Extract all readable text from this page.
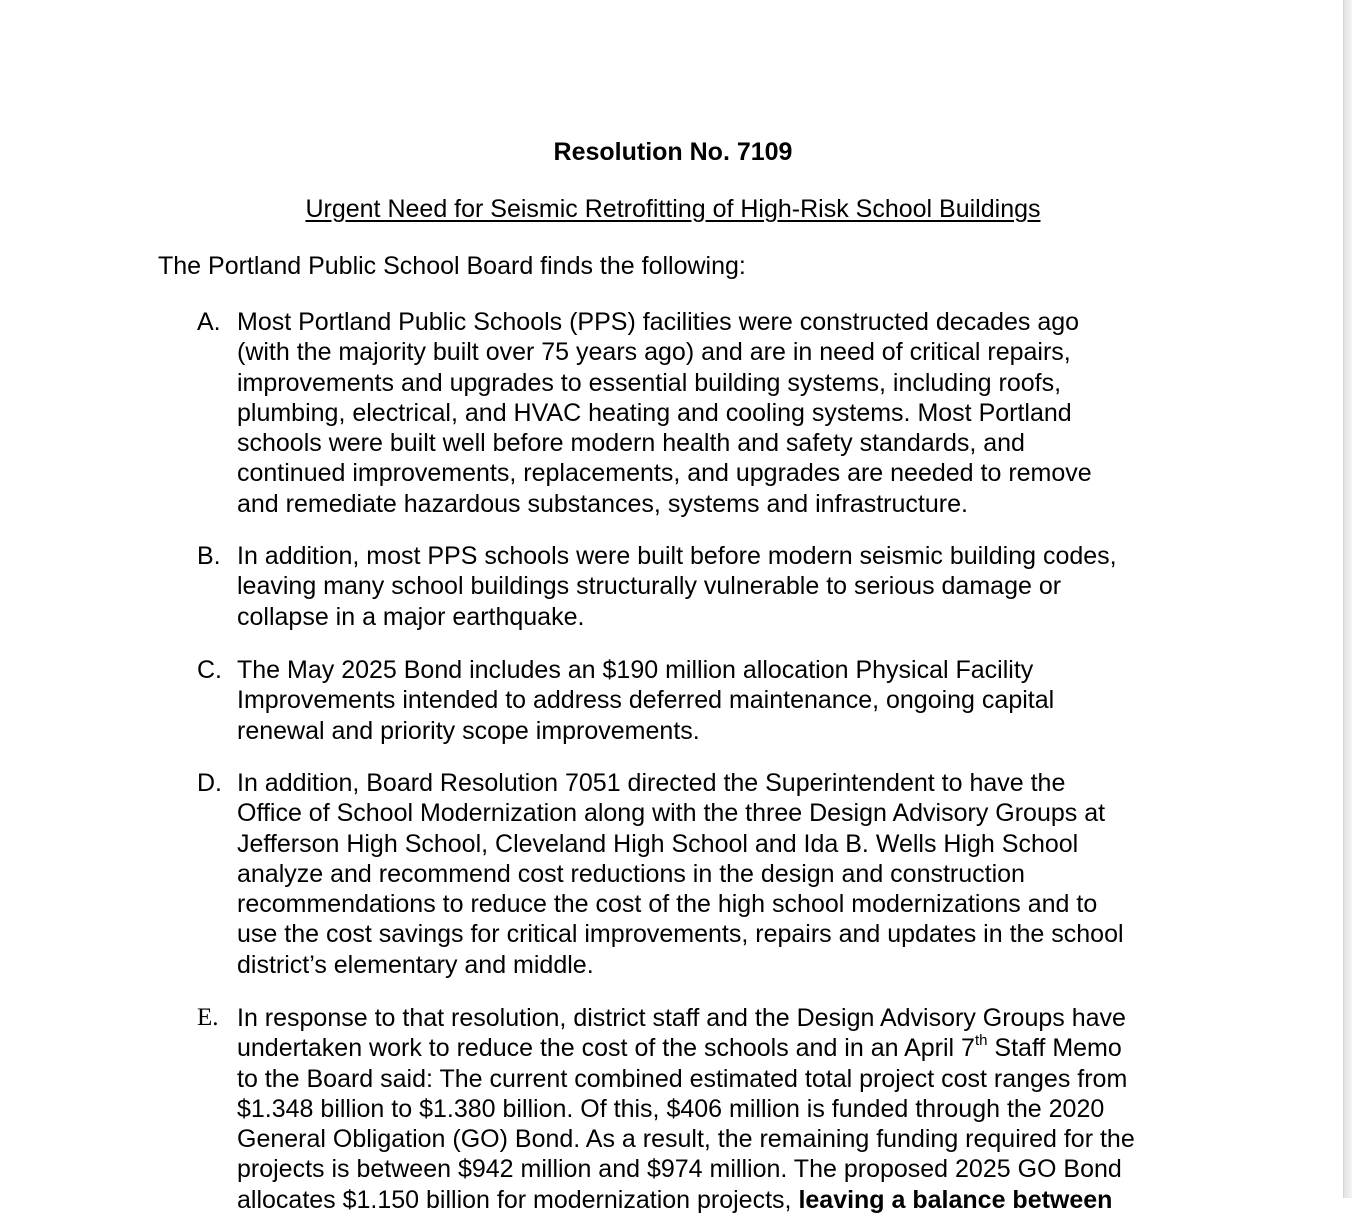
Resolution No. 7109
Urgent Need for Seismic Retrofitting of High-Risk School Buildings
The Portland Public School Board finds the following:
A. Most Portland Public Schools (PPS) facilities were constructed decades ago
(with the majority built over 75 years ago) and are in need of critical repairs,
improvements and upgrades to essential building systems, including roofs,
plumbing, electrical, and HVAC heating and cooling systems. Most Portland
schools were built well before modern health and safety standards, and
continued improvements, replacements, and upgrades are needed to remove
and remediate hazardous substances, systems and infrastructure.
B. In addition, most PPS schools were built before modern seismic building codes,
leaving many school buildings structurally vulnerable to serious damage or
collapse in a major earthquake.
C. The May 2025 Bond includes an $190 million allocation Physical Facility
Improvements intended to address deferred maintenance, ongoing capital
renewal and priority scope improvements.
D. In addition, Board Resolution 7051 directed the Superintendent to have the
Office of School Modernization along with the three Design Advisory Groups at
Jefferson High School, Cleveland High School and Ida B. Wells High School
analyze and recommend cost reductions in the design and construction
recommendations to reduce the cost of the high school modernizations and to
use the cost savings for critical improvements, repairs and updates in the school
district’s elementary and middle.
E. In response to that resolution, district staff and the Design Advisory Groups have
undertaken work to reduce the cost of the schools and in an April 7th Staff Memo
to the Board said: The current combined estimated total project cost ranges from
$1.348 billion to $1.380 billion. Of this, $406 million is funded through the 2020
General Obligation (GO) Bond. As a result, the remaining funding required for the
projects is between $942 million and $974 million. The proposed 2025 GO Bond
allocates $1.150 billion for modernization projects, leaving a balance between
